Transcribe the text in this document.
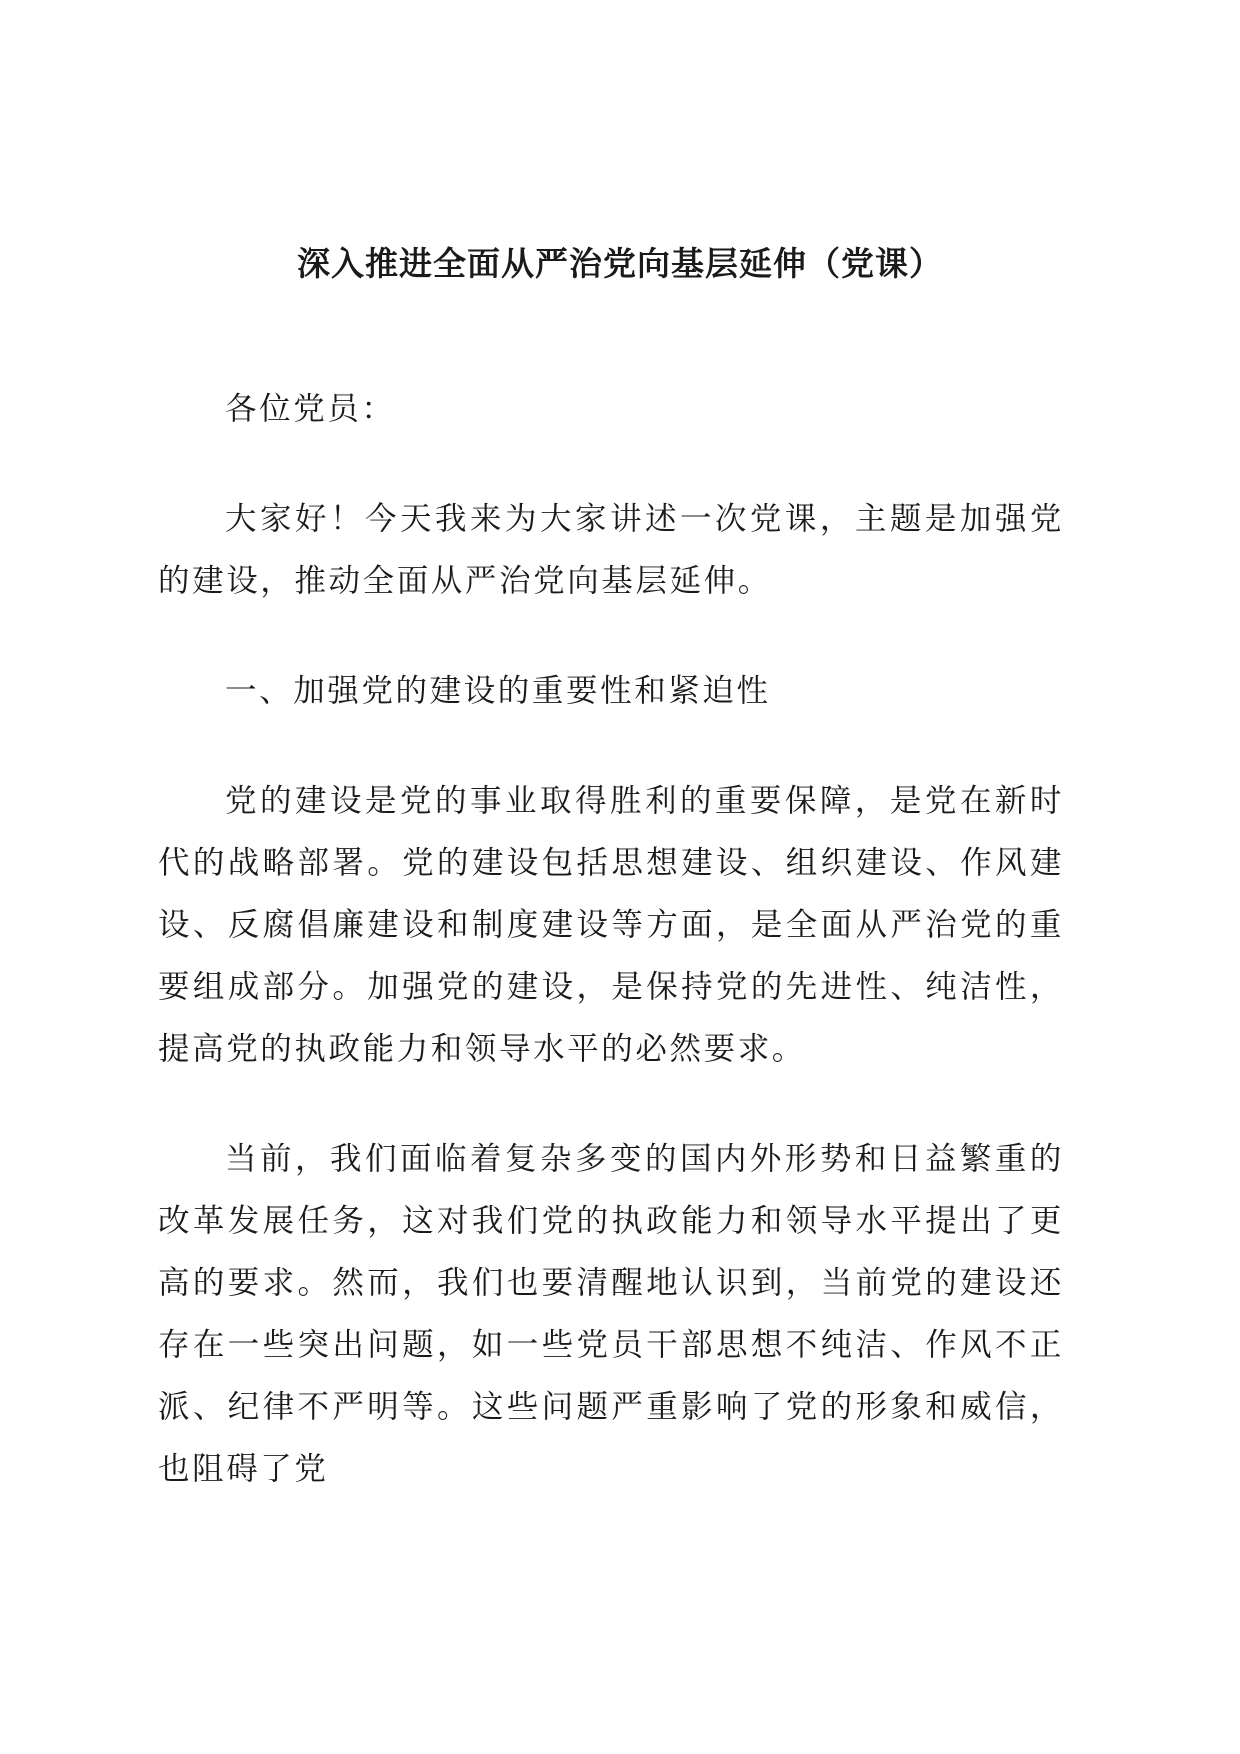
深入推进全面从严治党向基层延伸（党课）

各位党员：

大家好！今天我来为大家讲述一次党课，主题是加强党的建设，推动全面从严治党向基层延伸。

一、加强党的建设的重要性和紧迫性

党的建设是党的事业取得胜利的重要保障，是党在新时代的战略部署。党的建设包括思想建设、组织建设、作风建设、反腐倡廉建设和制度建设等方面，是全面从严治党的重要组成部分。加强党的建设，是保持党的先进性、纯洁性，提高党的执政能力和领导水平的必然要求。

当前，我们面临着复杂多变的国内外形势和日益繁重的改革发展任务，这对我们党的执政能力和领导水平提出了更高的要求。然而，我们也要清醒地认识到，当前党的建设还存在一些突出问题，如一些党员干部思想不纯洁、作风不正派、纪律不严明等。这些问题严重影响了党的形象和威信，也阻碍了党
